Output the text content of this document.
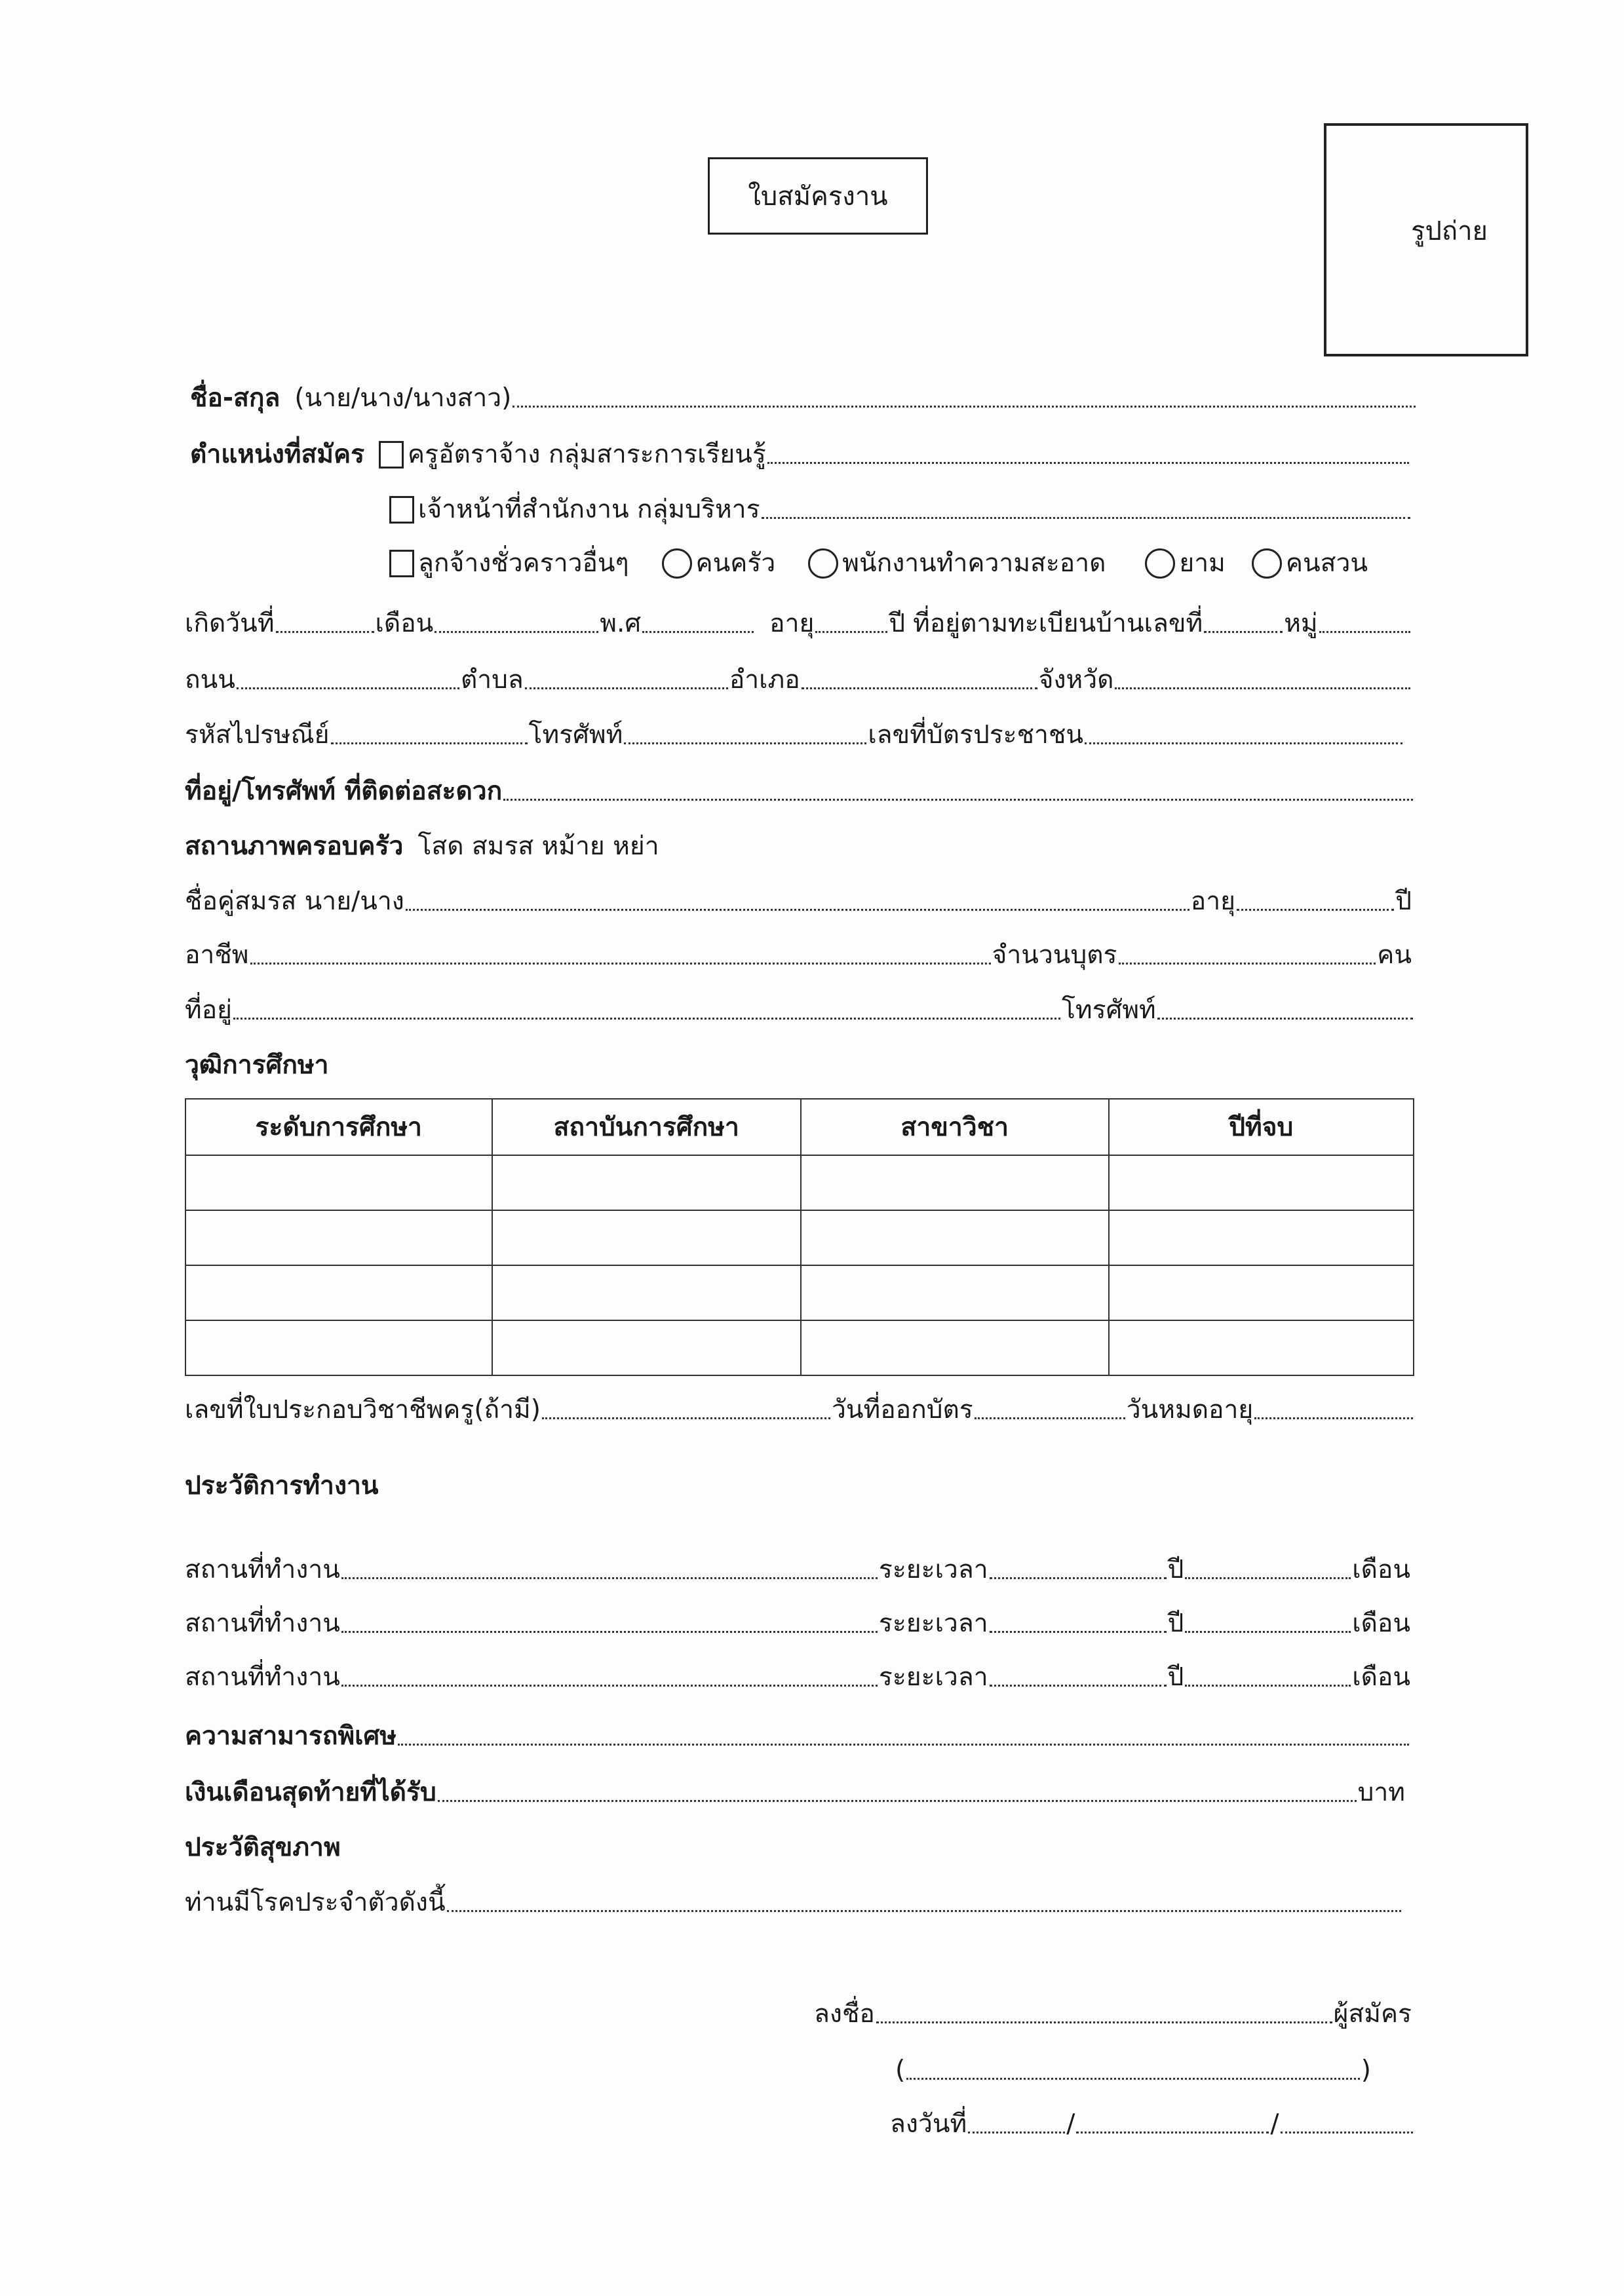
ใบสมัครงาน
รูปถ่าย
ชื่อ-สกุล (นาย/นาง/นางสาว)
ตำแหน่งที่สมัคร ครูอัตราจ้าง กลุ่มสาระการเรียนรู้
เจ้าหน้าที่สำนักงาน กลุ่มบริหาร
ลูกจ้างชั่วคราวอื่นๆ	คนครัว	พนักงานทำความสะอาด	ยาม คนสวน
เกิดวันที่	เดือน	พ.ศ	อายุ	ปี ที่อยู่ตามทะเบียนบ้านเลขที่	หมู่
ถนน	ตำบล	อำเภอ	จังหวัด
รหัสไปรษณีย์	โทรศัพท์	เลขที่บัตรประชาชน
ที่อยู่/โทรศัพท์ ที่ติดต่อสะดวก
สถานภาพครอบครัว โสด สมรส หม้าย หย่า
ชื่อคู่สมรส นาย/นาง	อายุ	ปี
อาชีพ	จำนวนบุตร	คน
ที่อยู่	โทรศัพท์
วุฒิการศึกษา
ระดับการศึกษา	สถาบันการศึกษา	สาขาวิชา	ปีที่จบ

เลขที่ใบประกอบวิชาชีพครู(ถ้ามี)	วันที่ออกบัตร	วันหมดอายุ
ประวัติการทำงาน
สถานที่ทำงาน	ระยะเวลา	ปี	เดือน
สถานที่ทำงาน	ระยะเวลา	ปี	เดือน
สถานที่ทำงาน	ระยะเวลา	ปี	เดือน
ความสามารถพิเศษ
เงินเดือนสุดท้ายที่ได้รับ	บาท
ประวัติสุขภาพ
ท่านมีโรคประจำตัวดังนี้
ลงชื่อ	ผู้สมัคร
(	)
ลงวันที่	/	/
